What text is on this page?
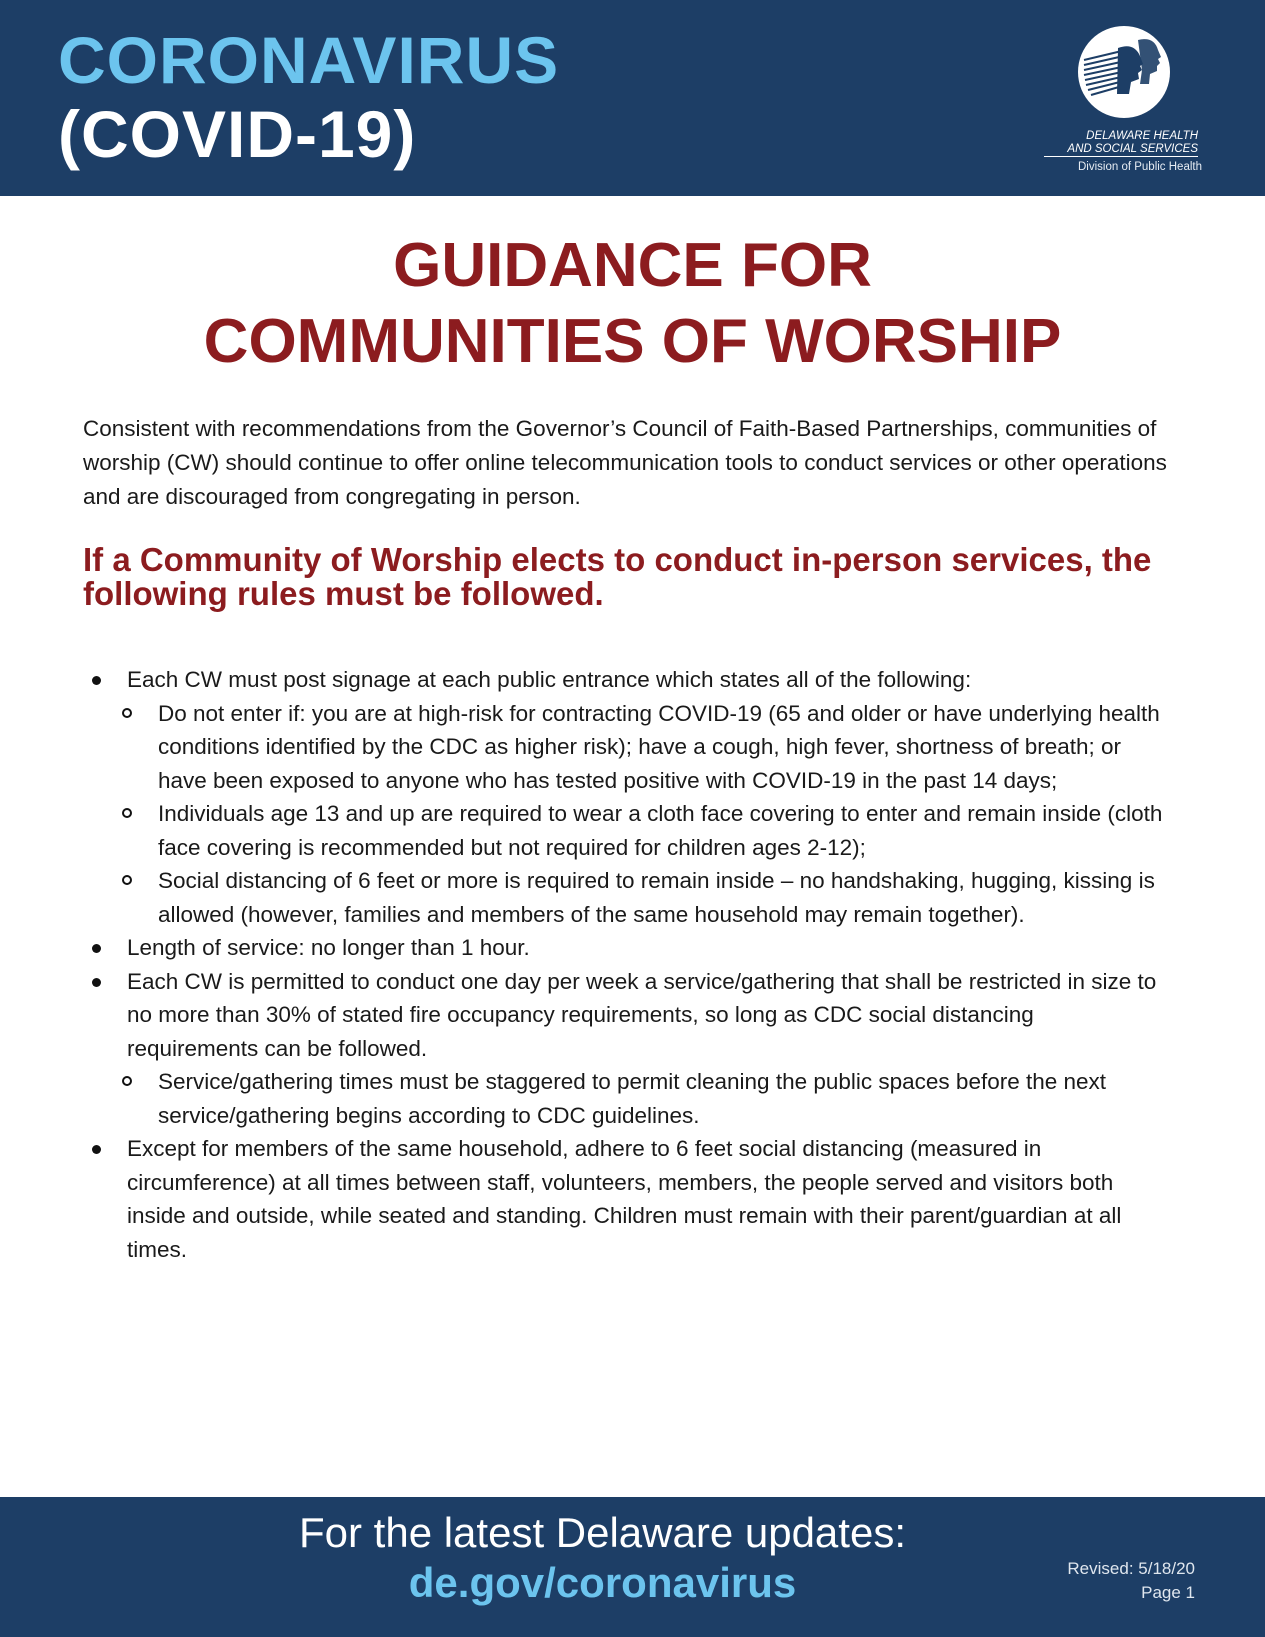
CORONAVIRUS
(COVID-19)	DELAWARE HEALTH
AND SOCIAL SERVICES
Division of Public Health
GUIDANCE FOR
COMMUNITIES OF WORSHIP
Consistent with recommendations from the Governor’s Council of Faith-Based Partnerships, communities of worship (CW) should continue to offer online telecommunication tools to conduct services or other operations and are discouraged from congregating in person.
If a Community of Worship elects to conduct in-person services, the following rules must be followed.
Each CW must post signage at each public entrance which states all of the following:
Do not enter if: you are at high-risk for contracting COVID-19 (65 and older or have underlying health conditions identified by the CDC as higher risk); have a cough, high fever, shortness of breath; or have been exposed to anyone who has tested positive with COVID-19 in the past 14 days;
Individuals age 13 and up are required to wear a cloth face covering to enter and remain inside (cloth face covering is recommended but not required for children ages 2-12);
Social distancing of 6 feet or more is required to remain inside – no handshaking, hugging, kissing is allowed (however, families and members of the same household may remain together).
Length of service: no longer than 1 hour.
Each CW is permitted to conduct one day per week a service/gathering that shall be restricted in size to no more than 30% of stated fire occupancy requirements, so long as CDC social distancing requirements can be followed.
Service/gathering times must be staggered to permit cleaning the public spaces before the next service/gathering begins according to CDC guidelines.
Except for members of the same household, adhere to 6 feet social distancing (measured in circumference) at all times between staff, volunteers, members, the people served and visitors both inside and outside, while seated and standing. Children must remain with their parent/guardian at all times.
For the latest Delaware updates:
de.gov/coronavirus	Revised: 5/18/20
Page 1
